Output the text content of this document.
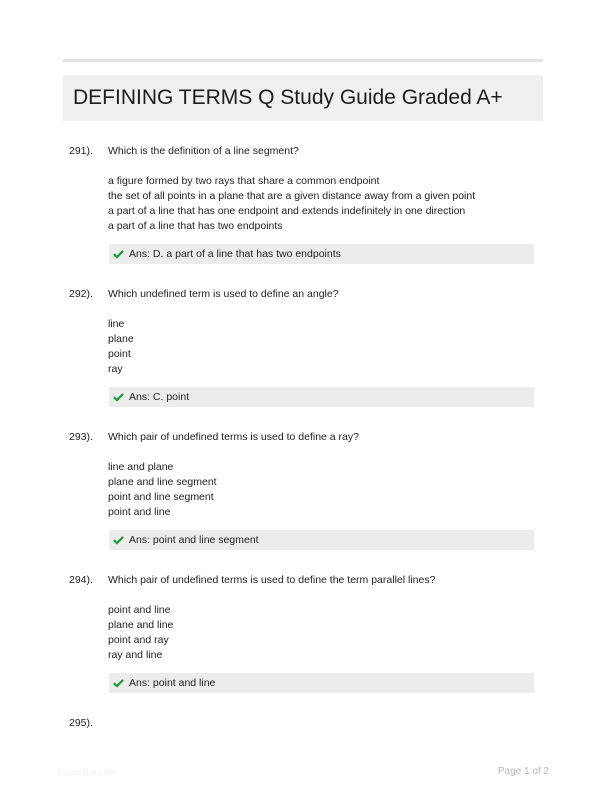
DEFINING TERMS Q Study Guide Graded A+
291).	Which is the definition of a line segment?
a figure formed by two rays that share a common endpoint
the set of all points in a plane that are a given distance away from a given point
a part of a line that has one endpoint and extends indefinitely in one direction
a part of a line that has two endpoints
Ans: D. a part of a line that has two endpoints
292).	Which undefined term is used to define an angle?
line
plane
point
ray
Ans: C. point
293).	Which pair of undefined terms is used to define a ray?
line and plane
plane and line segment
point and line segment
point and line
Ans: point and line segment
294).	Which pair of undefined terms is used to define the term parallel lines?
point and line
plane and line
point and ray
ray and line
Ans: point and line
295).
Papertibe.com	Page 1 of 2
